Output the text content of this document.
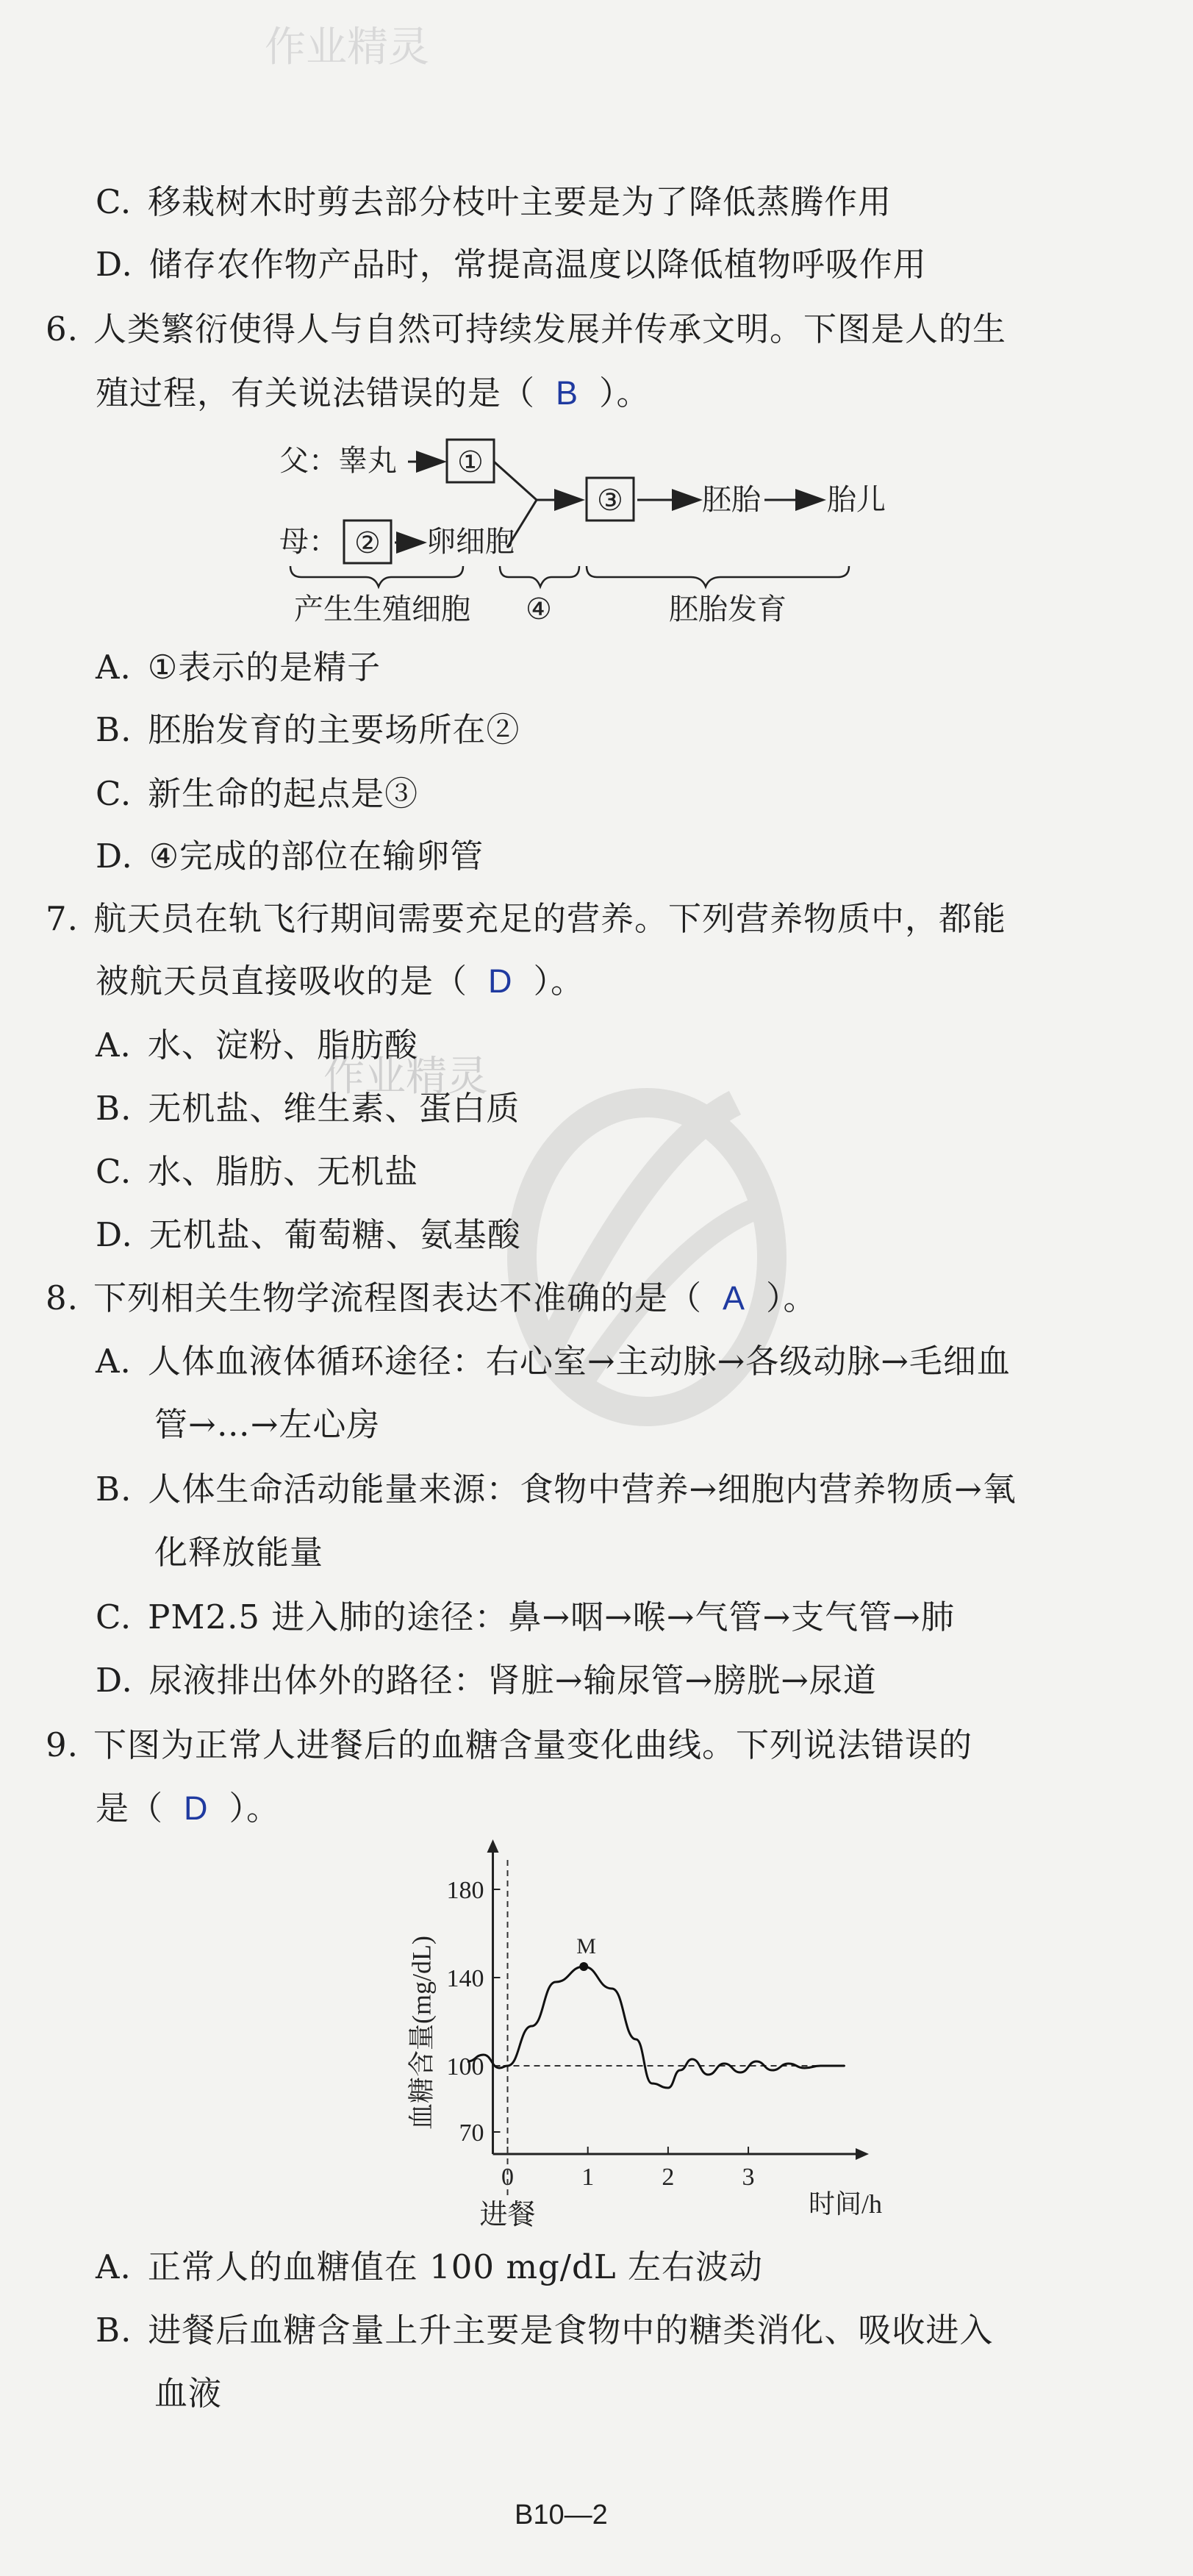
作业精灵
作业精灵
C. 移栽树木时剪去部分枝叶主要是为了降低蒸腾作用
D. 储存农作物产品时，常提高温度以降低植物呼吸作用
6. 人类繁衍使得人与自然可持续发展并传承文明。下图是人的生
殖过程，有关说法错误的是（ B ）。
父：睾丸 ①
母： ② 卵细胞
③	胚胎 胎儿
产生生殖细胞 ④	胚胎发育
A. ①表示的是精子
B. 胚胎发育的主要场所在②
C. 新生命的起点是③
D. ④完成的部位在输卵管
7. 航天员在轨飞行期间需要充足的营养。下列营养物质中，都能
被航天员直接吸收的是（ D ）。
A. 水、淀粉、脂肪酸
B. 无机盐、维生素、蛋白质
C. 水、脂肪、无机盐
D. 无机盐、葡萄糖、氨基酸
8. 下列相关生物学流程图表达不准确的是（ A ）。
A. 人体血液体循环途径：右心室→主动脉→各级动脉→毛细血
管→…→左心房
B. 人体生命活动能量来源：食物中营养→细胞内营养物质→氧
化释放能量
C. PM2.5 进入肺的途径：鼻→咽→喉→气管→支气管→肺
D. 尿液排出体外的路径：肾脏→输尿管→膀胱→尿道
9. 下图为正常人进餐后的血糖含量变化曲线。下列说法错误的
是（ D ）。
70
100
140
180
0	1	2	3
M
血糖含量(mg/dL)
时间/h
进餐
A. 正常人的血糖值在 100 mg/dL 左右波动
B. 进餐后血糖含量上升主要是食物中的糖类消化、吸收进入
血液
B10—2
